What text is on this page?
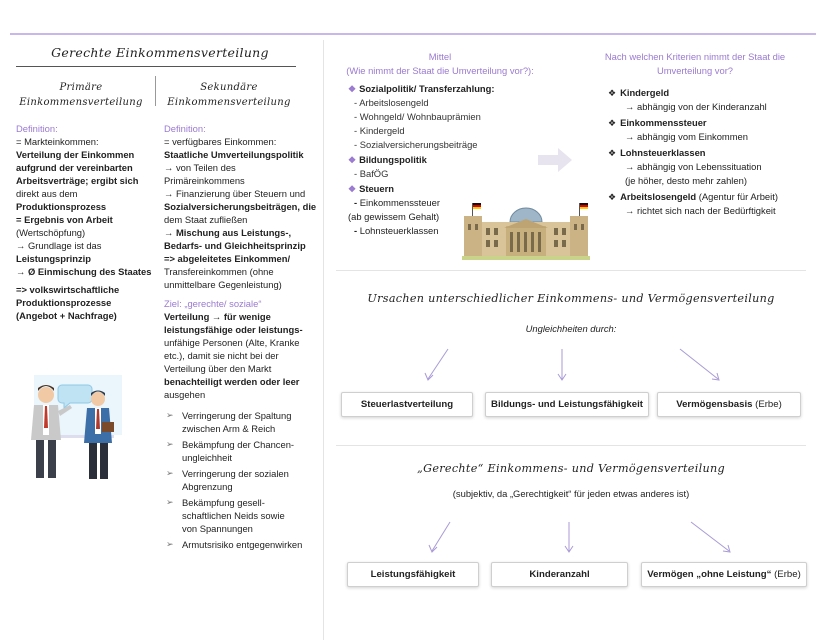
Gerechte Einkommensverteilung
Primäre
Einkommensverteilung
Definition:
= Markteinkommen:
Verteilung der Einkommen
aufgrund der vereinbarten
Arbeitsverträge; ergibt sich
direkt aus dem
Produktionsprozess
= Ergebnis von Arbeit
(Wertschöpfung)
→ Grundlage ist das
Leistungsprinzip
→ Ø Einmischung des Staates
=> volkswirtschaftliche
Produktionsprozesse
(Angebot + Nachfrage)
Sekundäre
Einkommensverteilung
Definition:
= verfügbares Einkommen:
Staatliche Umverteilungspolitik
→ von Teilen des
Primäreinkommens
→ Finanzierung über Steuern und
Sozialversicherungsbeiträgen, die
dem Staat zufließen
→ Mischung aus Leistungs-,
Bedarfs- und Gleichheitsprinzip
=> abgeleitetes Einkommen/
Transfereinkommen (ohne
unmittelbare Gegenleistung)
Ziel: „gerechte/ soziale“
Verteilung → für wenige
leistungsfähige oder leistungs-
unfähige Personen (Alte, Kranke
etc.), damit sie nicht bei der
Verteilung über den Markt
benachteiligt werden oder leer
ausgehen
➢ Verringerung der Spaltung
zwischen Arm & Reich
➢ Bekämpfung der Chancen-
ungleichheit
➢ Verringerung der sozialen
Abgrenzung
➢ Bekämpfung gesell-
schaftlichen Neids sowie
von Spannungen
➢ Armutsrisiko entgegenwirken
Mittel
(Wie nimmt der Staat die Umverteilung vor?):
❖ Sozialpolitik/ Transferzahlung:
- Arbeitslosengeld
- Wohngeld/ Wohnbauprämien
- Kindergeld
- Sozialversicherungsbeiträge
❖ Bildungspolitik
- BafÖG
❖ Steuern
- Einkommenssteuer
(ab gewissem Gehalt)
- Lohnsteuerklassen
Nach welchen Kriterien nimmt der Staat die
Umverteilung vor?
❖ Kindergeld
→ abhängig von der Kinderanzahl
❖ Einkommenssteuer
→ abhängig vom Einkommen
❖ Lohnsteuerklassen
→ abhängig von Lebenssituation
(je höher, desto mehr zahlen)
❖ Arbeitslosengeld (Agentur für Arbeit)
→ richtet sich nach der Bedürftigkeit
Ursachen unterschiedlicher Einkommens- und Vermögensverteilung
Ungleichheiten durch:
Steuerlastverteilung	Bildungs- und Leistungsfähigkeit	Vermögensbasis (Erbe)
„Gerechte“ Einkommens- und Vermögensverteilung
(subjektiv, da „Gerechtigkeit“ für jeden etwas anderes ist)
Leistungsfähigkeit	Kinderanzahl	Vermögen „ohne Leistung“ (Erbe)
